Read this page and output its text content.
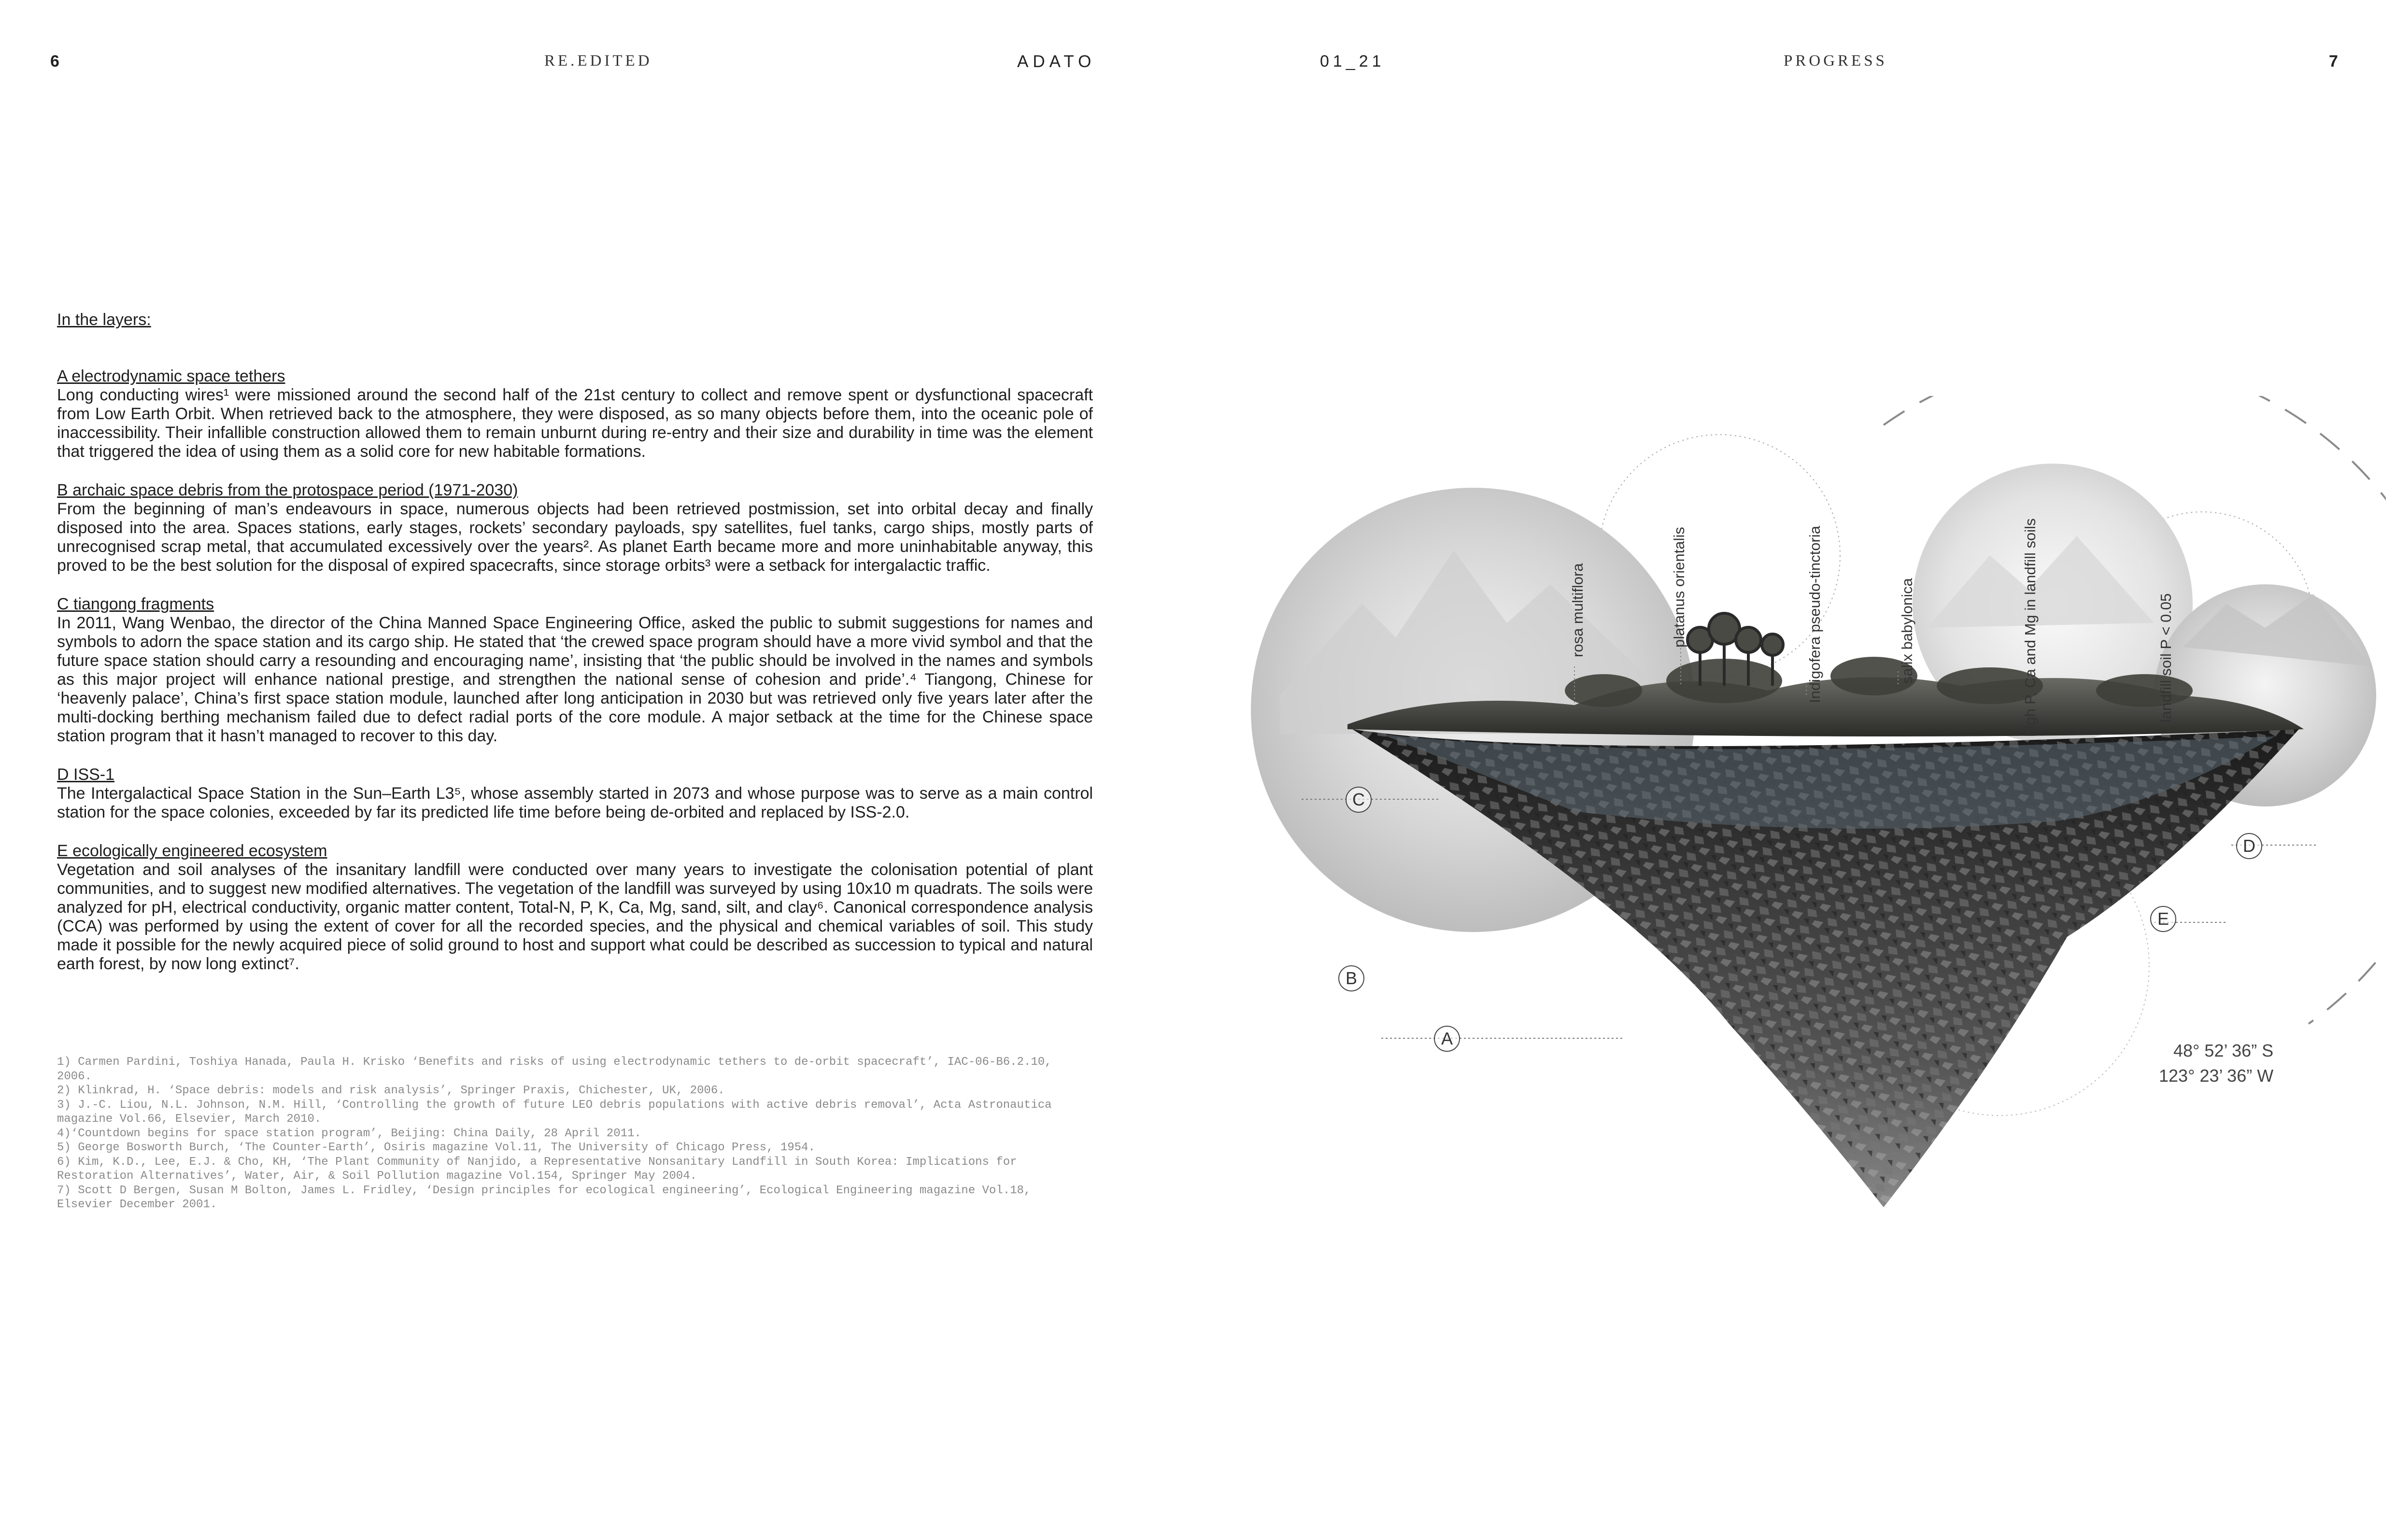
6	RE.EDITED	ADATO	01_21	PROGRESS	7
In the layers:
A electrodynamic space tethers

Long conducting wires¹ were missioned around the second half of the 21st century to collect and remove spent or dysfunctional spacecraft from Low Earth Orbit. When retrieved back to the atmosphere, they were disposed, as so many objects before them, into the oceanic pole of inaccessibility. Their infallible construction allowed them to remain unburnt during re-entry and their size and durability in time was the element that triggered the idea of using them as a solid core for new habitable formations.

B archaic space debris from the protospace period (1971-2030)

From the beginning of man’s endeavours in space, numerous objects had been retrieved postmission, set into orbital decay and finally disposed into the area. Spaces stations, early stages, rockets’ secondary payloads, spy satellites, fuel tanks, cargo ships, mostly parts of unrecognised scrap metal, that accumulated excessively over the years². As planet Earth became more and more uninhabitable anyway, this proved to be the best solution for the disposal of expired spacecrafts, since storage orbits³ were a setback for intergalactic traffic.

C tiangong fragments

In 2011, Wang Wenbao, the director of the China Manned Space Engineering Office, asked the public to submit suggestions for names and symbols to adorn the space station and its cargo ship. He stated that ‘the crewed space program should have a more vivid symbol and that the future space station should carry a resounding and encouraging name’, insisting that ‘the public should be involved in the names and symbols as this major project will enhance national prestige, and strengthen the national sense of cohesion and pride’.⁴ Tiangong, Chinese for ‘heavenly palace’, China’s first space station module, launched after long anticipation in 2030 but was retrieved only five years later after the multi-docking berthing mechanism failed due to defect radial ports of the core module. A major setback at the time for the Chinese space station program that it hasn’t managed to recover to this day.

D ISS-1

The Intergalactical Space Station in the Sun–Earth L3⁵, whose assembly started in 2073 and whose purpose was to serve as a main control station for the space colonies, exceeded by far its predicted life time before being de-orbited and replaced by ISS-2.0.

E ecologically engineered ecosystem

Vegetation and soil analyses of the insanitary landfill were conducted over many years to investigate the colonisation potential of plant communities, and to suggest new modified alternatives. The vegetation of the landfill was surveyed by using 10x10 m quadrats. The soils were analyzed for pH, electrical conductivity, organic matter content, Total-N, P, K, Ca, Mg, sand, silt, and clay⁶. Canonical correspondence analysis (CCA) was performed by using the extent of cover for all the recorded species, and the physical and chemical variables of soil. This study made it possible for the newly acquired piece of solid ground to host and support what could be described as succession to typical and natural earth forest, by now long extinct⁷.

1) Carmen Pardini, Toshiya Hanada, Paula H. Krisko ‘Benefits and risks of using electrodynamic tethers to de-orbit spacecraft’, IAC-06-B6.2.10, 2006.

2) Klinkrad, H. ‘Space debris: models and risk analysis’, Springer Praxis, Chichester, UK, 2006.

3) J.-C. Liou, N.L. Johnson, N.M. Hill, ‘Controlling the growth of future LEO debris populations with active debris removal’, Acta Astronautica magazine Vol.66, Elsevier, March 2010.

4)‘Countdown begins for space station program’, Beijing: China Daily, 28 April 2011.

5) George Bosworth Burch, ‘The Counter-Earth’, Osiris magazine Vol.11, The University of Chicago Press, 1954.

6) Kim, K.D., Lee, E.J. & Cho, KH, ‘The Plant Community of Nanjido, a Representative Nonsanitary Landfill in South Korea: Implications for Restoration Alternatives’, Water, Air, & Soil Pollution magazine Vol.154, Springer May 2004.

7) Scott D Bergen, Susan M Bolton, James L. Fridley, ‘Design principles for ecological engineering’, Ecological Engineering magazine Vol.18, Elsevier December 2001.

rosa multiflora	platanus orientalis	Indigofera pseudo-tinctoria	salix babylonica	high P, Ca and Mg in landfill soils	landfill soil P < 0.05
A
B
C
D
E
48° 52’ 36” S
123° 23’ 36” W
